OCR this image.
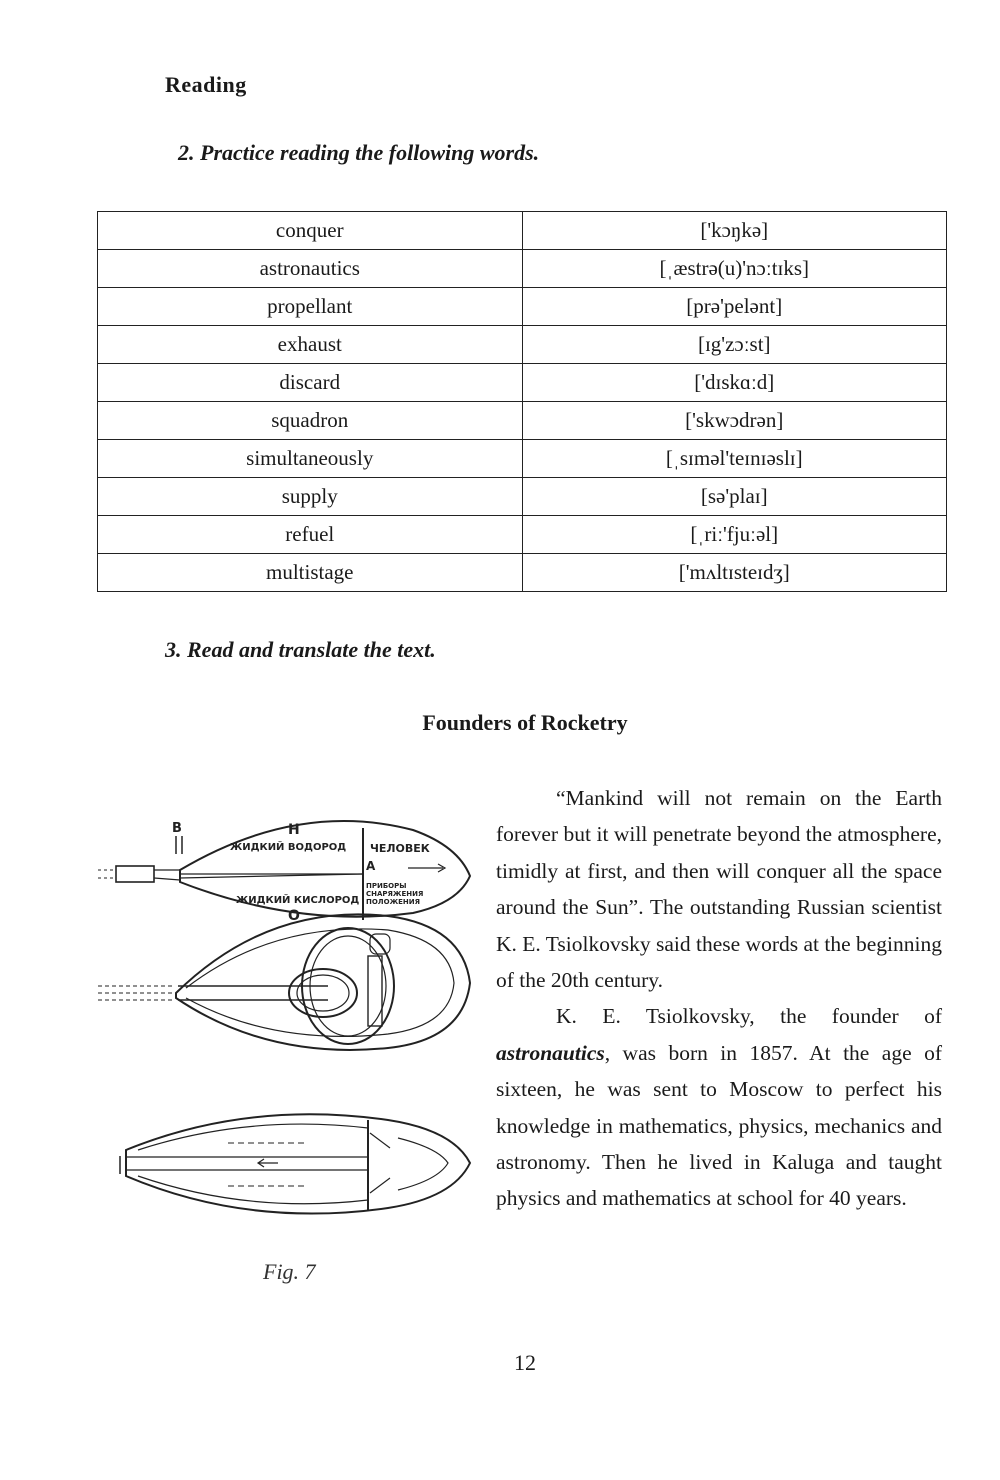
Reading
2. Practice reading the following words.
conquer	['kɔŋkə]
astronautics	[ˌæstrə(u)'nɔːtɪks]
propellant	[prə'pelənt]
exhaust	[ɪg'zɔːst]
discard	['dɪskɑːd]
squadron	['skwɔdrən]
simultaneously	[ˌsɪməl'teɪnɪəslɪ]
supply	[sə'plaɪ]
refuel	[ˌriː'fjuːəl]
multistage	['mʌltɪsteɪdʒ]
3. Read and translate the text.
Founders of Rocketry
H
ЖИДКИЙ ВОДОРОД
ЖИДКИЙ КИСЛОРОД
O
B
ЧЕЛОВЕК
A
ПРИБОРЫ
СНАРЯЖЕНИЯ
ПОЛОЖЕНИЯ
Fig. 7

“Mankind will not remain on the Earth forever but it will penetrate beyond the atmosphere, timidly at first, and then will conquer all the space around the Sun”. The outstanding Russian scientist K. E. Tsiolkovsky said these words at the beginning of the 20th century.

K. E. Tsiolkovsky, the founder of astronautics, was born in 1857. At the age of sixteen, he was sent to Moscow to perfect his knowledge in mathematics, physics, mechanics and astronomy. Then he lived in Kaluga and taught physics and mathematics at school for 40 years.

12
